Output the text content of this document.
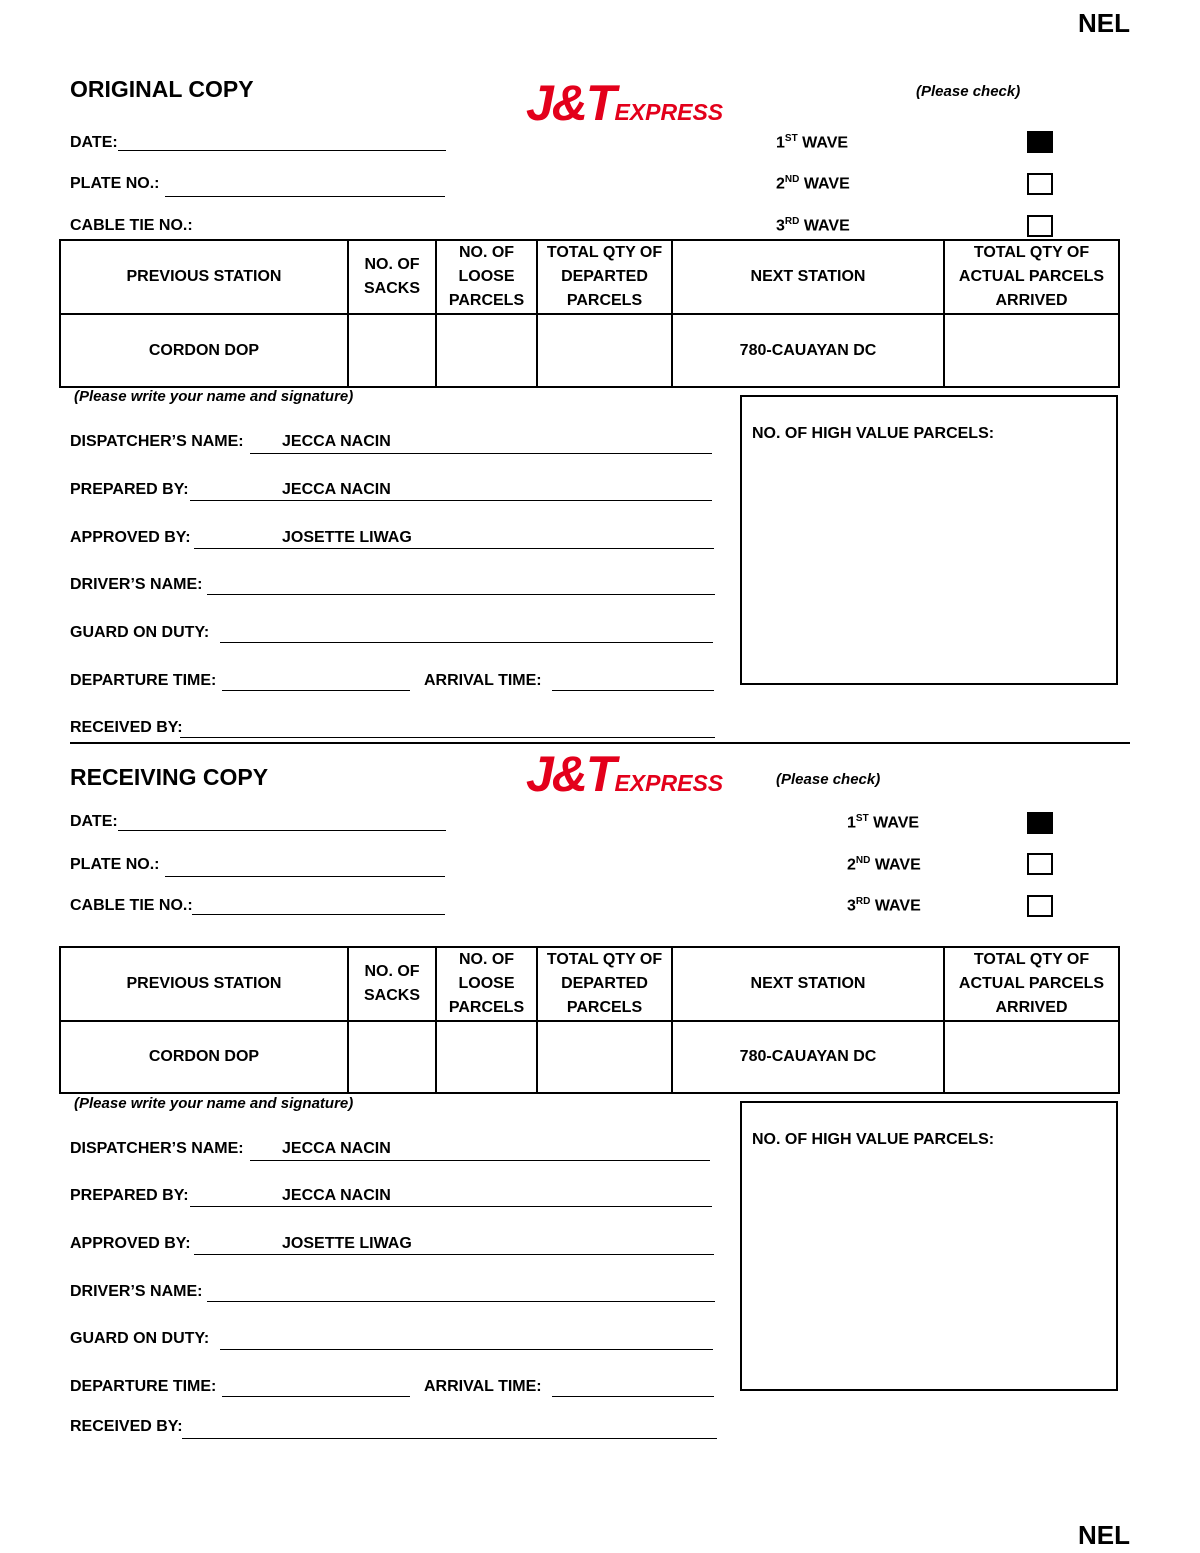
NEL
NEL
ORIGINAL COPY	J&TEXPRESS
(Please check)
DATE:
PLATE NO.:
CABLE TIE NO.:
1ST WAVE
2ND WAVE
3RD WAVE
PREVIOUS STATION	NO. OF SACKS	NO. OF LOOSE PARCELS	TOTAL QTY OF DEPARTED PARCELS	NEXT STATION	TOTAL QTY OF ACTUAL PARCELS ARRIVED
CORDON DOP				780-CAUAYAN DC	
(Please write your name and signature)
NO. OF HIGH VALUE PARCELS:
DISPATCHER’S NAME: JECCA NACIN
PREPARED BY:	JECCA NACIN
APPROVED BY:	JOSETTE LIWAG
DRIVER’S NAME:
GUARD ON DUTY:
DEPARTURE TIME:	ARRIVAL TIME:
RECEIVED BY:
RECEIVING COPY	J&TEXPRESS	(Please check)
DATE:
PLATE NO.:
CABLE TIE NO.:
1ST WAVE
2ND WAVE
3RD WAVE
PREVIOUS STATION	NO. OF SACKS	NO. OF LOOSE PARCELS	TOTAL QTY OF DEPARTED PARCELS	NEXT STATION	TOTAL QTY OF ACTUAL PARCELS ARRIVED
CORDON DOP				780-CAUAYAN DC	
(Please write your name and signature)
NO. OF HIGH VALUE PARCELS:
DISPATCHER’S NAME: JECCA NACIN
PREPARED BY:	JECCA NACIN
APPROVED BY:	JOSETTE LIWAG
DRIVER’S NAME:
GUARD ON DUTY:
DEPARTURE TIME:	ARRIVAL TIME:
RECEIVED BY:
